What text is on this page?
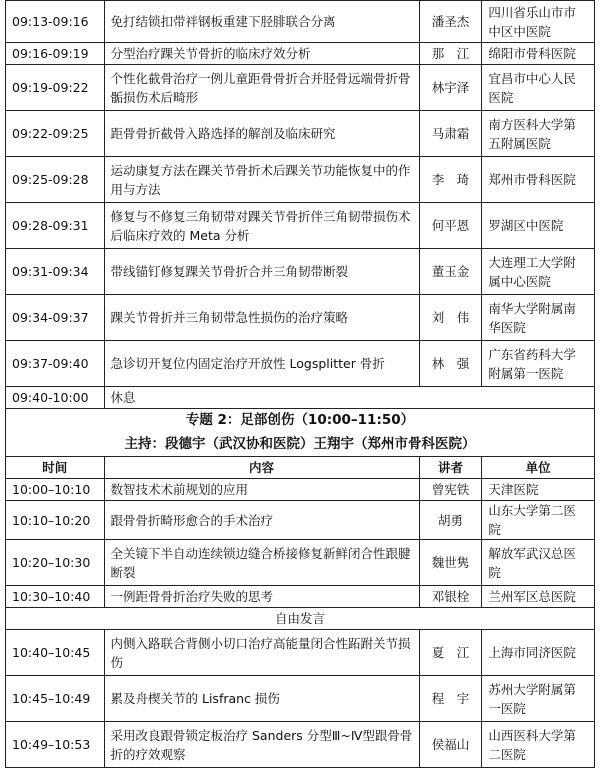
09:13-09:16	免打结锁扣带袢钢板重建下胫腓联合分离	潘圣杰	四川省乐山市市中区中医院
09:16-09:19	分型治疗踝关节骨折的临床疗效分析	那　江	绵阳市骨科医院
09:19-09:22	个性化截骨治疗一例儿童距骨骨折合并胫骨远端骨折骨骺损伤术后畸形	林宇泽	宜昌市中心人民医院
09:22-09:25	距骨骨折截骨入路选择的解剖及临床研究	马肃霜	南方医科大学第五附属医院
09:25-09:28	运动康复方法在踝关节骨折术后踝关节功能恢复中的作用与方法	李　琦	郑州市骨科医院
09:28-09:31	修复与不修复三角韧带对踝关节骨折伴三角韧带损伤术后临床疗效的 Meta 分析	何平恩	罗湖区中医院
09:31-09:34	带线锚钉修复踝关节骨折合并三角韧带断裂	董玉金	大连理工大学附属中心医院
09:34-09:37	踝关节骨折并三角韧带急性损伤的治疗策略	刘　伟	南华大学附属南华医院
09:37-09:40	急诊切开复位内固定治疗开放性 Logsplitter 骨折	林　强	广东省药科大学附属第一医院
09:40-10:00	休息		
专题 2：足部创伤（10:00–11:50）			
主持：段德宇（武汉协和医院）王翔宇（郑州市骨科医院）			
时间	内容	讲者	单位
10:00–10:10	数智技术术前规划的应用	曾宪铁	天津医院
10:10–10:20	跟骨骨折畸形愈合的手术治疗	胡勇	山东大学第二医院
10:20–10:30	全关镜下半自动连续锁边缝合桥接修复新鲜闭合性跟腱断裂	魏世隽	解放军武汉总医院
10:30–10:40	一例距骨骨折治疗失败的思考	邓银栓	兰州军区总医院
自由发言			
10:40–10:45	内侧入路联合背侧小切口治疗高能量闭合性跖跗关节损伤	夏　江	上海市同济医院
10:45–10:49	累及舟楔关节的 Lisfranc 损伤	程　宇	苏州大学附属第一医院
10:49–10:53	采用改良跟骨锁定板治疗 Sanders 分型Ⅲ~Ⅳ型跟骨骨折的疗效观察	侯福山	山西医科大学第二医院
